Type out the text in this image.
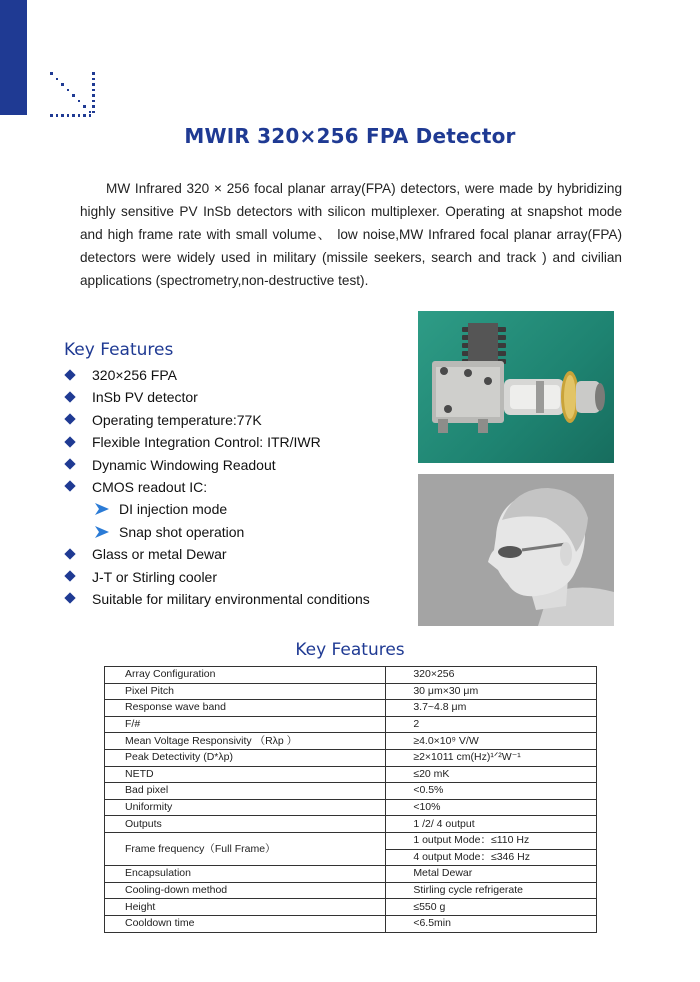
MWIR 320×256 FPA Detector

MW Infrared 320 × 256 focal planar array(FPA) detectors, were made by hybridizing highly sensitive PV InSb detectors with silicon multiplexer. Operating at snapshot mode and high frame rate with small volume、 low noise,MW Infrared focal planar array(FPA) detectors were widely used in military (missile seekers, search and track ) and civilian applications (spectrometry,non-destructive test).

Key Features
320×256 FPA
InSb PV detector
Operating temperature:77K
Flexible Integration Control: ITR/IWR
Dynamic Windowing Readout
CMOS readout IC:
DI injection mode
Snap shot operation
Glass or metal Dewar
J-T or Stirling cooler
Suitable for military environmental conditions
Key Features
Array Configuration	320×256
Pixel Pitch	30 μm×30 μm
Response wave band	3.7~4.8 μm
F/#	2
Mean Voltage Responsivity （Rλp ）	≥4.0×10⁹ V/W
Peak Detectivity (D*λp)	≥2×1011 cm(Hz)¹ᐟ²W⁻¹
NETD	≤20 mK
Bad pixel	<0.5%
Uniformity	<10%
Outputs	1 /2/ 4 output
Frame frequency（Full Frame）	1 output Mode：≤110 Hz
	4 output Mode：≤346 Hz
Encapsulation	Metal Dewar
Cooling-down method	Stirling cycle refrigerate
Height	≤550 g
Cooldown time	<6.5min
